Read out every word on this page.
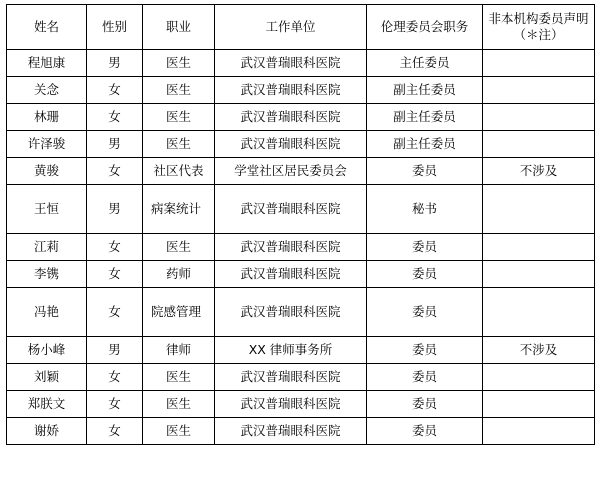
姓名	性别	职业	工作单位	伦理委员会职务	非本机构委员声明（＊注）

程旭康	男	医生	武汉普瑞眼科医院	主任委员	
关念	女	医生	武汉普瑞眼科医院	副主任委员	
林珊	女	医生	武汉普瑞眼科医院	副主任委员	
许泽骏	男	医生	武汉普瑞眼科医院	副主任委员	
黄骏	女	社区代表	学堂社区居民委员会	委员	不涉及
王恒	男	病案统计	武汉普瑞眼科医院	秘书	
江莉	女	医生	武汉普瑞眼科医院	委员	
李镌	女	药师	武汉普瑞眼科医院	委员	
冯艳	女	院感管理	武汉普瑞眼科医院	委员	
杨小峰	男	律师	XX 律师事务所	委员	不涉及
刘颖	女	医生	武汉普瑞眼科医院	委员	
郑朕文	女	医生	武汉普瑞眼科医院	委员	
谢娇	女	医生	武汉普瑞眼科医院	委员	
